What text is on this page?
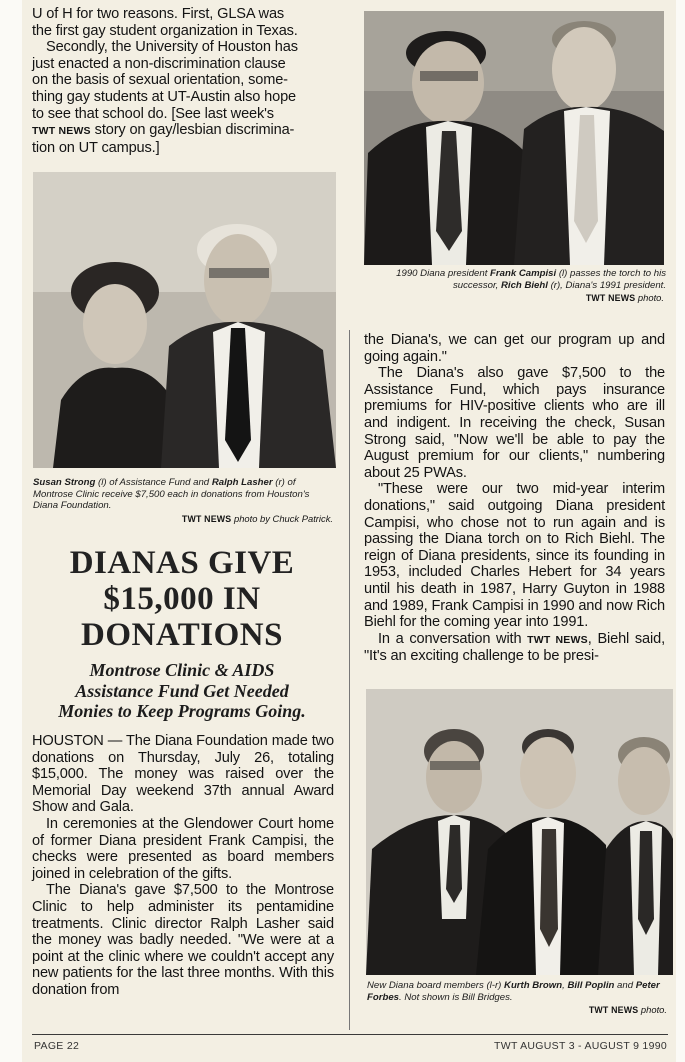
U of H for two reasons. First, GLSA was
the first gay student organization in Texas.
Secondly, the University of Houston has
just enacted a non-discrimination clause
on the basis of sexual orientation, some-
thing gay students at UT-Austin also hope
to see that school do. [See last week's
TWT NEWS story on gay/lesbian discrimina-
tion on UT campus.]
Susan Strong (l) of Assistance Fund and Ralph Lasher (r) of Montrose Clinic receive $7,500 each in donations from Houston's Diana Foundation.
TWT NEWS photo by Chuck Patrick.
DIANAS GIVE
$15,000 IN
DONATIONS
Montrose Clinic & AIDS
Assistance Fund Get Needed
Monies to Keep Programs Going.

HOUSTON — The Diana Foundation made two donations on Thursday, July 26, totaling $15,000. The money was raised over the Memorial Day weekend 37th annual Award Show and Gala.

In ceremonies at the Glendower Court home of former Diana president Frank Campisi, the checks were presented as board members joined in celebration of the gifts.

The Diana's gave $7,500 to the Montrose Clinic to help administer its pentamidine treatments. Clinic director Ralph Lasher said the money was badly needed. "We were at a point at the clinic where we couldn't accept any new patients for the last three months. With this donation from

1990 Diana president Frank Campisi (l) passes the torch to his successor, Rich Biehl (r), Diana's 1991 president.
TWT NEWS photo.

the Diana's, we can get our program up and going again."

The Diana's also gave $7,500 to the Assistance Fund, which pays insurance premiums for HIV-positive clients who are ill and indigent. In receiving the check, Susan Strong said, "Now we'll be able to pay the August premium for our clients," numbering about 25 PWAs.

"These were our two mid-year interim donations," said outgoing Diana president Campisi, who chose not to run again and is passing the Diana torch on to Rich Biehl. The reign of Diana presidents, since its founding in 1953, included Charles Hebert for 34 years until his death in 1987, Harry Guyton in 1988 and 1989, Frank Campisi in 1990 and now Rich Biehl for the coming year into 1991.

In a conversation with TWT NEWS, Biehl said, "It's an exciting challenge to be presi-

New Diana board members (l-r) Kurth Brown, Bill Poplin and Peter Forbes. Not shown is Bill Bridges.
TWT NEWS photo.
PAGE 22	TWT AUGUST 3 - AUGUST 9 1990
